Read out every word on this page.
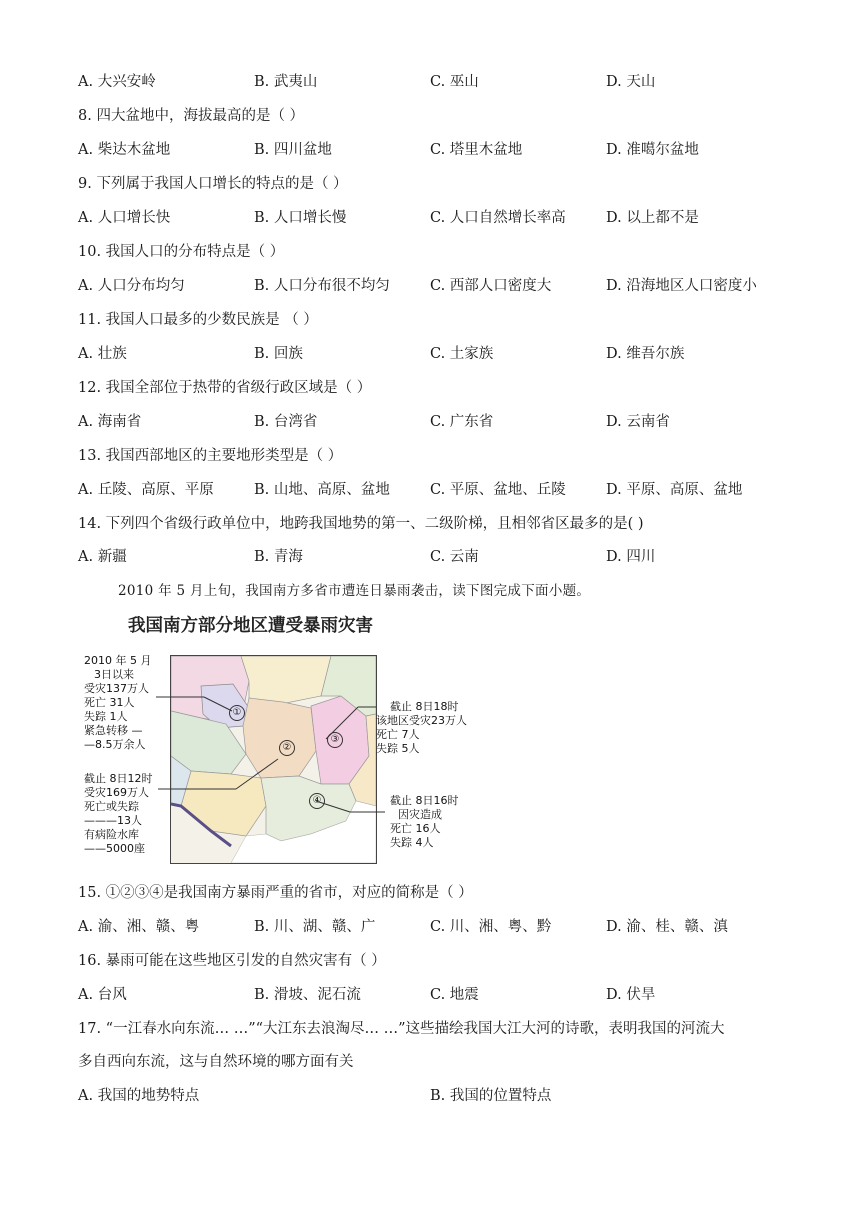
A. 大兴安岭	B. 武夷山	C. 巫山	D. 天山
8. 四大盆地中，海拔最高的是（ ）
A. 柴达木盆地	B. 四川盆地	C. 塔里木盆地	D. 准噶尔盆地
9. 下列属于我国人口增长的特点的是（ ）
A. 人口增长快	B. 人口增长慢	C. 人口自然增长率高	D. 以上都不是
10. 我国人口的分布特点是（ ）
A. 人口分布均匀	B. 人口分布很不均匀	C. 西部人口密度大	D. 沿海地区人口密度小
11. 我国人口最多的少数民族是 （ ）
A. 壮族	B. 回族	C. 土家族	D. 维吾尔族
12. 我国全部位于热带的省级行政区域是（ ）
A. 海南省	B. 台湾省	C. 广东省	D. 云南省
13. 我国西部地区的主要地形类型是（ ）
A. 丘陵、高原、平原	B. 山地、高原、盆地	C. 平原、盆地、丘陵	D. 平原、高原、盆地
14. 下列四个省级行政单位中，地跨我国地势的第一、二级阶梯，且相邻省区最多的是( )
A. 新疆	B. 青海	C. 云南	D. 四川
2010 年 5 月上旬，我国南方多省市遭连日暴雨袭击，读下图完成下面小题。
我国南方部分地区遭受暴雨灾害
①
②
③
④
2010 年 5 月
3日以来
受灾137万人
死亡 31人
失踪 1人
紧急转移 —
—8.5万余人
截止 8日12时
受灾169万人
死亡或失踪
———13人
有病险水库
——5000座
截止 8日18时
该地区受灾23万人
死亡 7人
失踪 5人
截止 8日16时
因灾造成
死亡 16人
失踪 4人
15. ①②③④是我国南方暴雨严重的省市，对应的简称是（ ）
A. 渝、湘、赣、粤	B. 川、湖、赣、广	C. 川、湘、粤、黔	D. 渝、桂、赣、滇
16. 暴雨可能在这些地区引发的自然灾害有（ ）
A. 台风	B. 滑坡、泥石流	C. 地震	D. 伏旱
17. “一江春水向东流… …”“大江东去浪淘尽… …”这些描绘我国大江大河的诗歌，表明我国的河流大
多自西向东流，这与自然环境的哪方面有关
A. 我国的地势特点	B. 我国的位置特点
